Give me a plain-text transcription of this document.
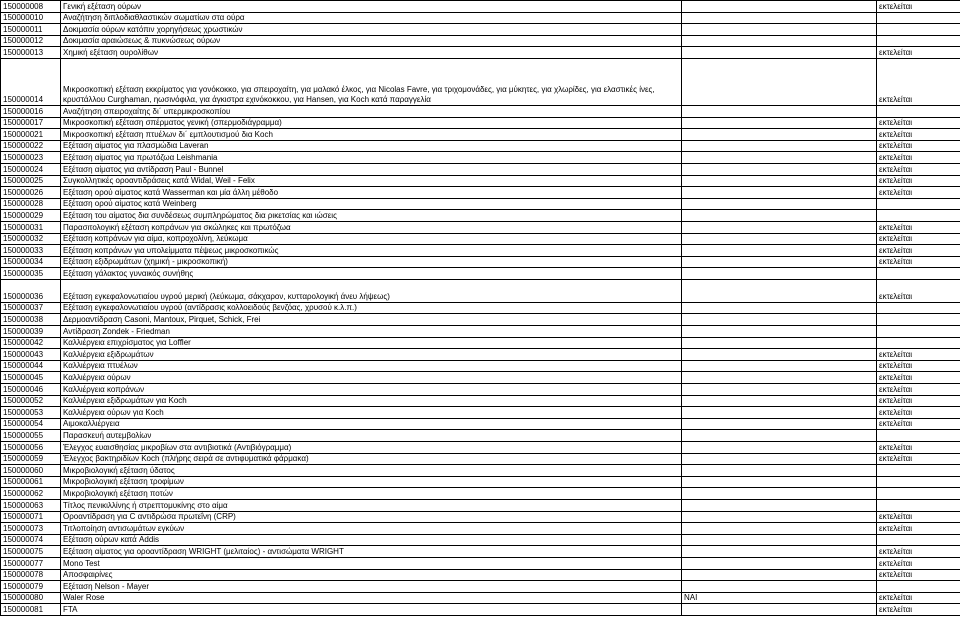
150000008	Γενική εξέταση ούρων		εκτελείται
150000010	Αναζήτηση διπλοδιαθλαστικών σωματίων στα ούρα		
150000011	Δοκιμασία ούρων κατόπιν χορηγήσεως χρωστικών		
150000012	Δοκιμασία αραιώσεως & πυκνώσεως ούρων		
150000013	Χημική εξέταση ουρολίθων		εκτελείται
150000014	Μικροσκοπική εξέταση εκκρίματος για γονόκοκκο, για σπειροχαίτη, για μαλακό έλκος, για Nicolas Favre, για τριχομονάδες, για μύκητες, για χλωρίδες, για ελαστικές ίνες, κρυστάλλου Curghaman, ηωσινόφιλα, για άγκιστρα εχινόκοκκου, για Hansen, για Koch κατά παραγγελία		εκτελείται
150000016	Αναζήτηση σπειροχαίτης δι΄ υπερμικροσκοπίου		
150000017	Μικροσκοπική εξέταση σπέρματος γενική (σπερμοδιάγραμμα)		εκτελείται
150000021	Μικροσκοπική εξέταση πτυέλων δι΄ εμπλουτισμού δια Koch		εκτελείται
150000022	Εξέταση αίματος για πλασμώδια Laveran		εκτελείται
150000023	Εξέταση αίματος για πρωτόζωα Leishmania		εκτελείται
150000024	Εξέταση αίματος για αντίδραση Paul - Bunnel		εκτελείται
150000025	Συγκολλητικές οροαντιδράσεις κατά Widal, Weil - Felix		εκτελείται
150000026	Εξέταση ορού αίματος κατά Wasserman και μία άλλη μέθοδο		εκτελείται
150000028	Εξέταση ορού αίματος κατά Weinberg		
150000029	Εξέταση του αίματος δια συνδέσεως συμπληρώματος δια ρικετσίας και ιώσεις		
150000031	Παρασιτολογική εξέταση κοπράνων για σκώληκες και πρωτόζωα		εκτελείται
150000032	Εξέταση κοπράνων για αίμα, κοπροχολίνη, λεύκωμα		εκτελείται
150000033	Εξέταση κοπράνων για υπολείμματα πέψεως μικροσκοπικώς		εκτελείται
150000034	Εξέταση εξιδρωμάτων (χημική - μικροσκοπική)		εκτελείται
150000035	Εξέταση γάλακτος γυναικός συνήθης		
150000036	Εξέταση εγκεφαλονωτιαίου υγρού μερική (λεύκωμα, σάκχαρον, κυτταρολογική άνευ λήψεως)		εκτελείται
150000037	Εξέταση εγκεφαλονωτιαίου υγρού (αντίδρασις κολλοειδούς βενζόας, χρυσού κ.λ.π.)		
150000038	Δερμοαντίδραση Casoni, Mantoux, Pirquet, Schick, Frei		
150000039	Αντίδραση Zondek - Friedman		
150000042	Καλλιέργεια επιχρίσματος για Loffler		
150000043	Καλλιέργεια εξιδρωμάτων		εκτελείται
150000044	Καλλιέργεια πτυέλων		εκτελείται
150000045	Καλλιέργεια ούρων		εκτελείται
150000046	Καλλιέργεια κοπράνων		εκτελείται
150000052	Καλλιέργεια εξιδρωμάτων για Koch		εκτελείται
150000053	Καλλιέργεια ούρων για Koch		εκτελείται
150000054	Αιμοκαλλιέργεια		εκτελείται
150000055	Παρασκευή αυτεμβολίων		
150000056	Έλεγχος ευαισθησίας μικροβίων στα αντιβιοτικά (Αντιβιόγραμμα)		εκτελείται
150000059	Έλεγχος βακτηριδίων Koch (πλήρης σειρά σε αντιφυματικά φάρμακα)		εκτελείται
150000060	Μικροβιολογική εξέταση ύδατος		
150000061	Μικροβιολογική εξέταση τροφίμων		
150000062	Μικροβιολογική εξέταση ποτών		
150000063	Τίτλος πενικιλλίνης ή στρεπτομυκίνης στο αίμα		
150000071	Οροαντίδραση για C αντιδρώσα πρωτεΐνη (CRP)		εκτελείται
150000073	Τιτλοποίηση αντισωμάτων εγκύων		εκτελείται
150000074	Εξέταση ούρων κατά Addis		
150000075	Εξέταση αίματος για οροαντίδραση WRIGHT (μελιταίος) - αντισώματα WRIGHT		εκτελείται
150000077	Mono Test		εκτελείται
150000078	Αποσφαιρίνες		εκτελείται
150000079	Εξέταση Nelson - Mayer		
150000080	Waler Rose	ΝΑΙ	εκτελείται
150000081	FTA		εκτελείται
